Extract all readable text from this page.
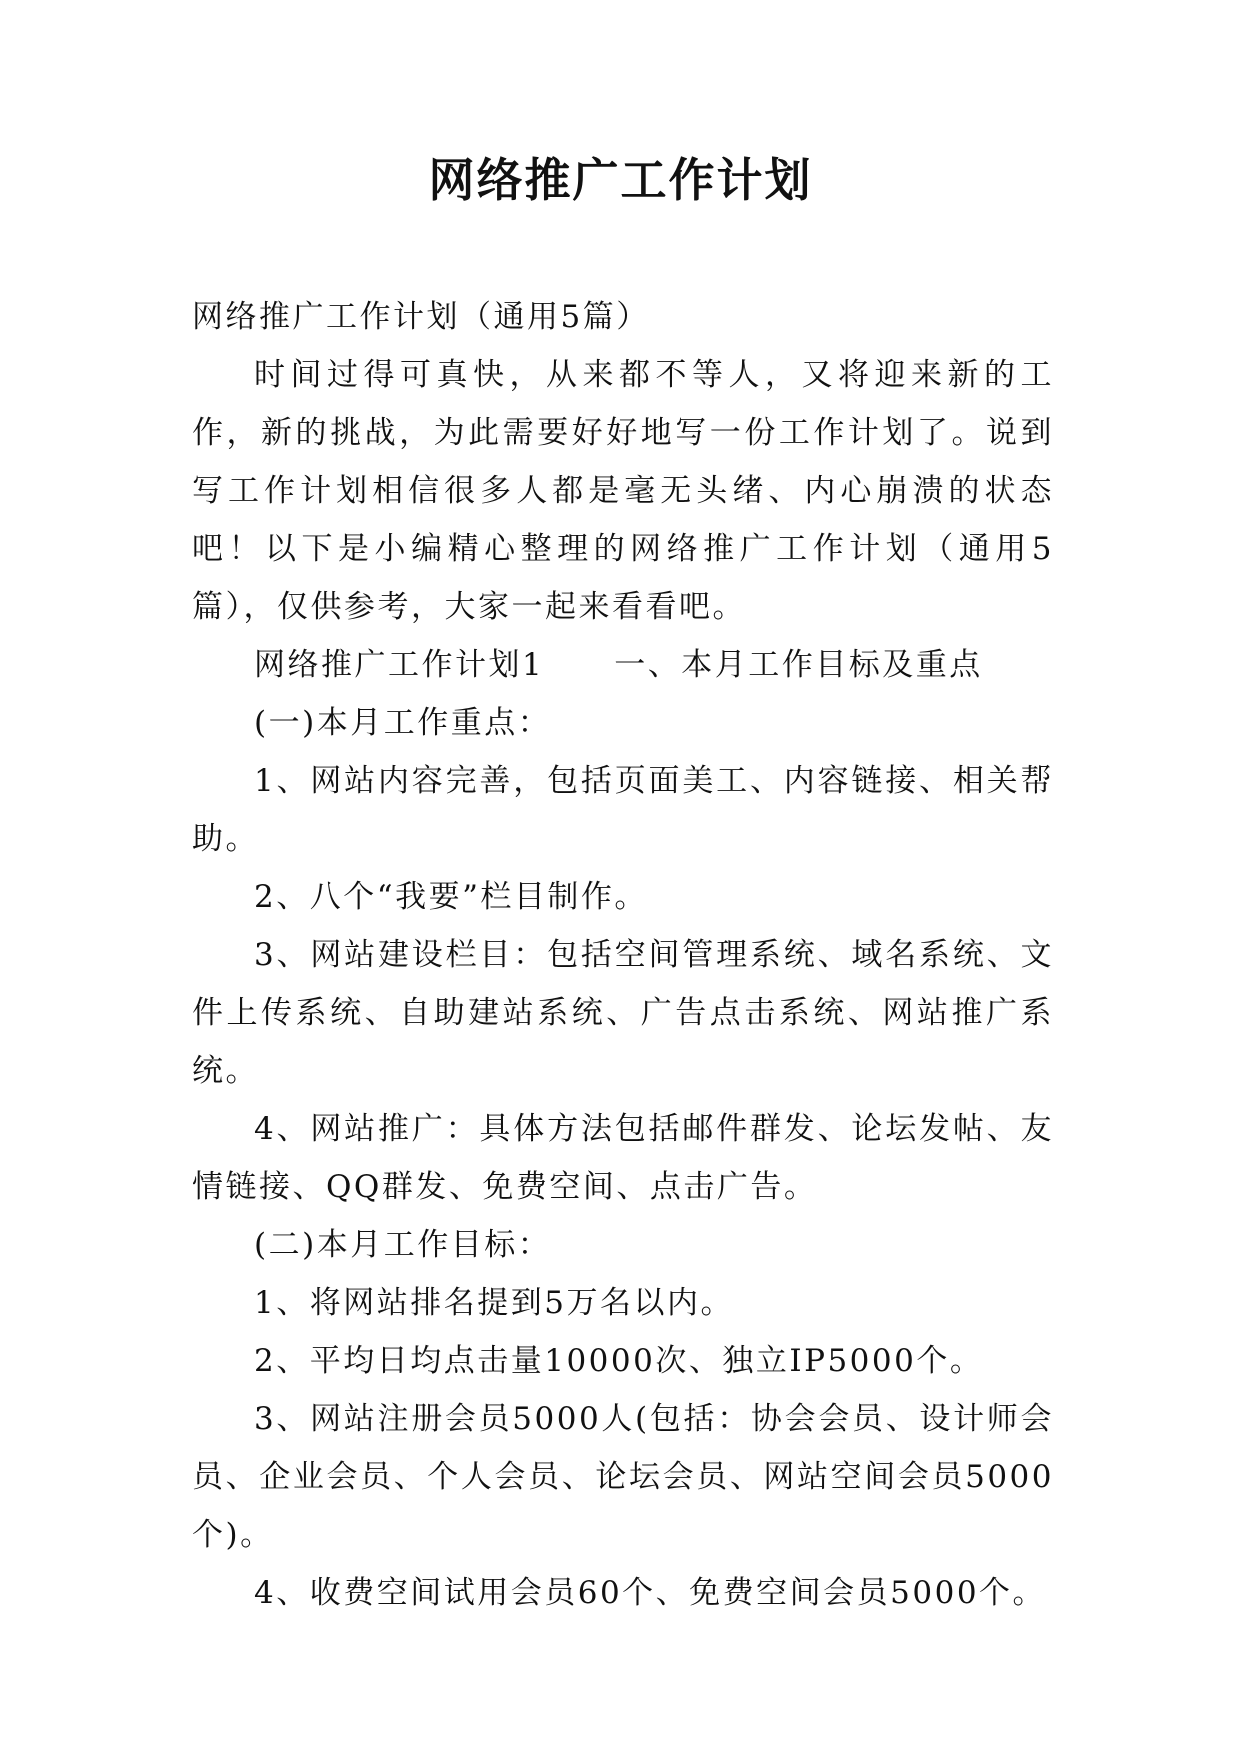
网络推广工作计划

网络推广工作计划（通用5篇）

时间过得可真快，从来都不等人，又将迎来新的工作，新的挑战，为此需要好好地写一份工作计划了。说到写工作计划相信很多人都是毫无头绪、内心崩溃的状态吧！以下是小编精心整理的网络推广工作计划（通用5篇），仅供参考，大家一起来看看吧。

网络推广工作计划1 一、本月工作目标及重点

(一)本月工作重点：

1、网站内容完善，包括页面美工、内容链接、相关帮助。

2、八个“我要”栏目制作。

3、网站建设栏目：包括空间管理系统、域名系统、文件上传系统、自助建站系统、广告点击系统、网站推广系统。

4、网站推广：具体方法包括邮件群发、论坛发帖、友情链接、QQ群发、免费空间、点击广告。

(二)本月工作目标：

1、将网站排名提到5万名以内。

2、平均日均点击量10000次、独立IP5000个。

3、网站注册会员5000人(包括：协会会员、设计师会员、企业会员、个人会员、论坛会员、网站空间会员5000个)。

4、收费空间试用会员60个、免费空间会员5000个。
